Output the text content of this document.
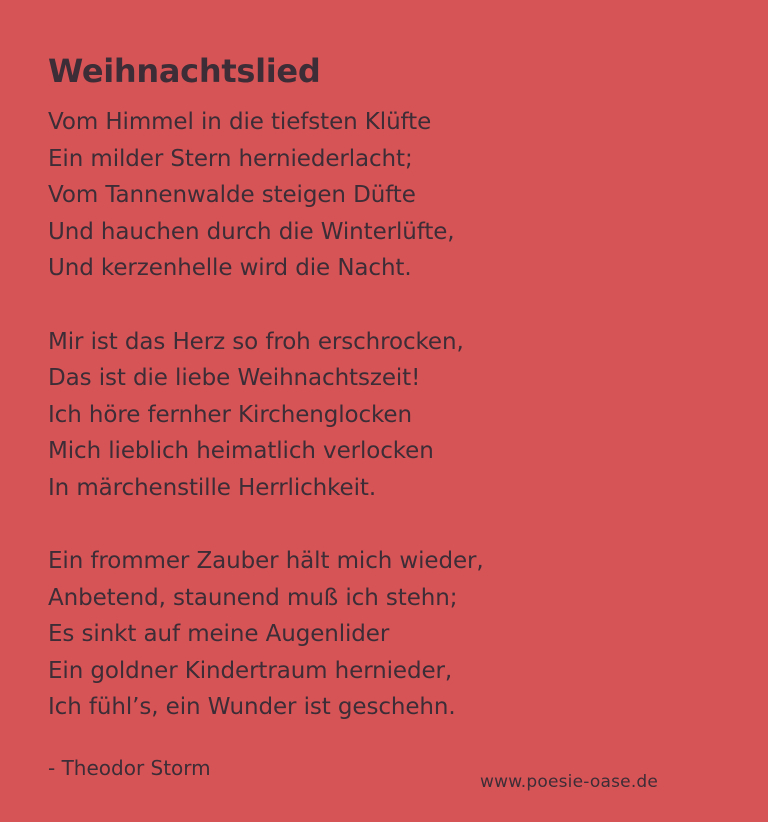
Weihnachtslied
Vom Himmel in die tiefsten Klüfte
Ein milder Stern herniederlacht;
Vom Tannenwalde steigen Düfte
Und hauchen durch die Winterlüfte,
Und kerzenhelle wird die Nacht.
Mir ist das Herz so froh erschrocken,
Das ist die liebe Weihnachtszeit!
Ich höre fernher Kirchenglocken
Mich lieblich heimatlich verlocken
In märchenstille Herrlichkeit.
Ein frommer Zauber hält mich wieder,
Anbetend, staunend muß ich stehn;
Es sinkt auf meine Augenlider
Ein goldner Kindertraum hernieder,
Ich fühl’s, ein Wunder ist geschehn.
- Theodor Storm
www.poesie-oase.de
